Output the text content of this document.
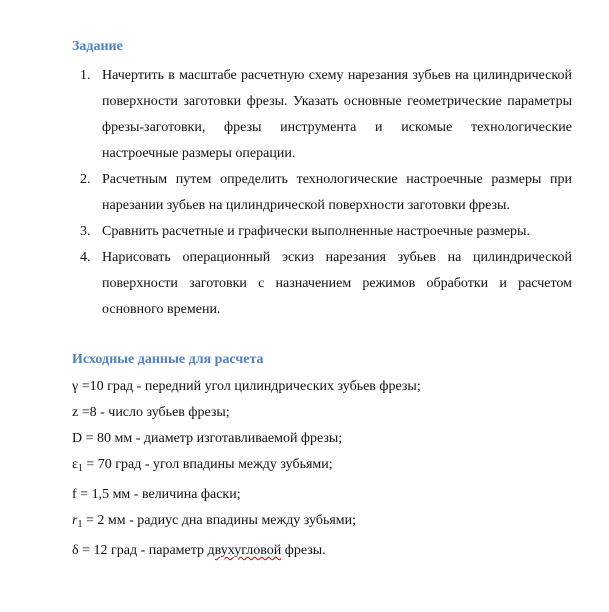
Задание
1. Начертить в масштабе расчетную схему нарезания зубьев на цилиндрической поверхности заготовки фрезы. Указать основные геометрические параметры фрезы-заготовки, фрезы инструмента и искомые технологические настроечные размеры операции.
2. Расчетным путем определить технологические настроечные размеры при нарезании зубьев на цилиндрической поверхности заготовки фрезы.
3. Сравнить расчетные и графически выполненные настроечные размеры.
4. Нарисовать операционный эскиз нарезания зубьев на цилиндрической поверхности заготовки с назначением режимов обработки и расчетом основного времени.
Исходные данные для расчета
γ =10 град - передний угол цилиндрических зубьев фрезы;
z =8 - число зубьев фрезы;
D = 80 мм - диаметр изготавливаемой фрезы;
$\varepsilon_1 = 70$ град - угол впадины между зубьями;
f = 1,5 мм - величина фаски;
$r_1 = 2$ мм - радиус дна впадины между зубьями;
δ = 12 град - параметр двухугловой фрезы.
